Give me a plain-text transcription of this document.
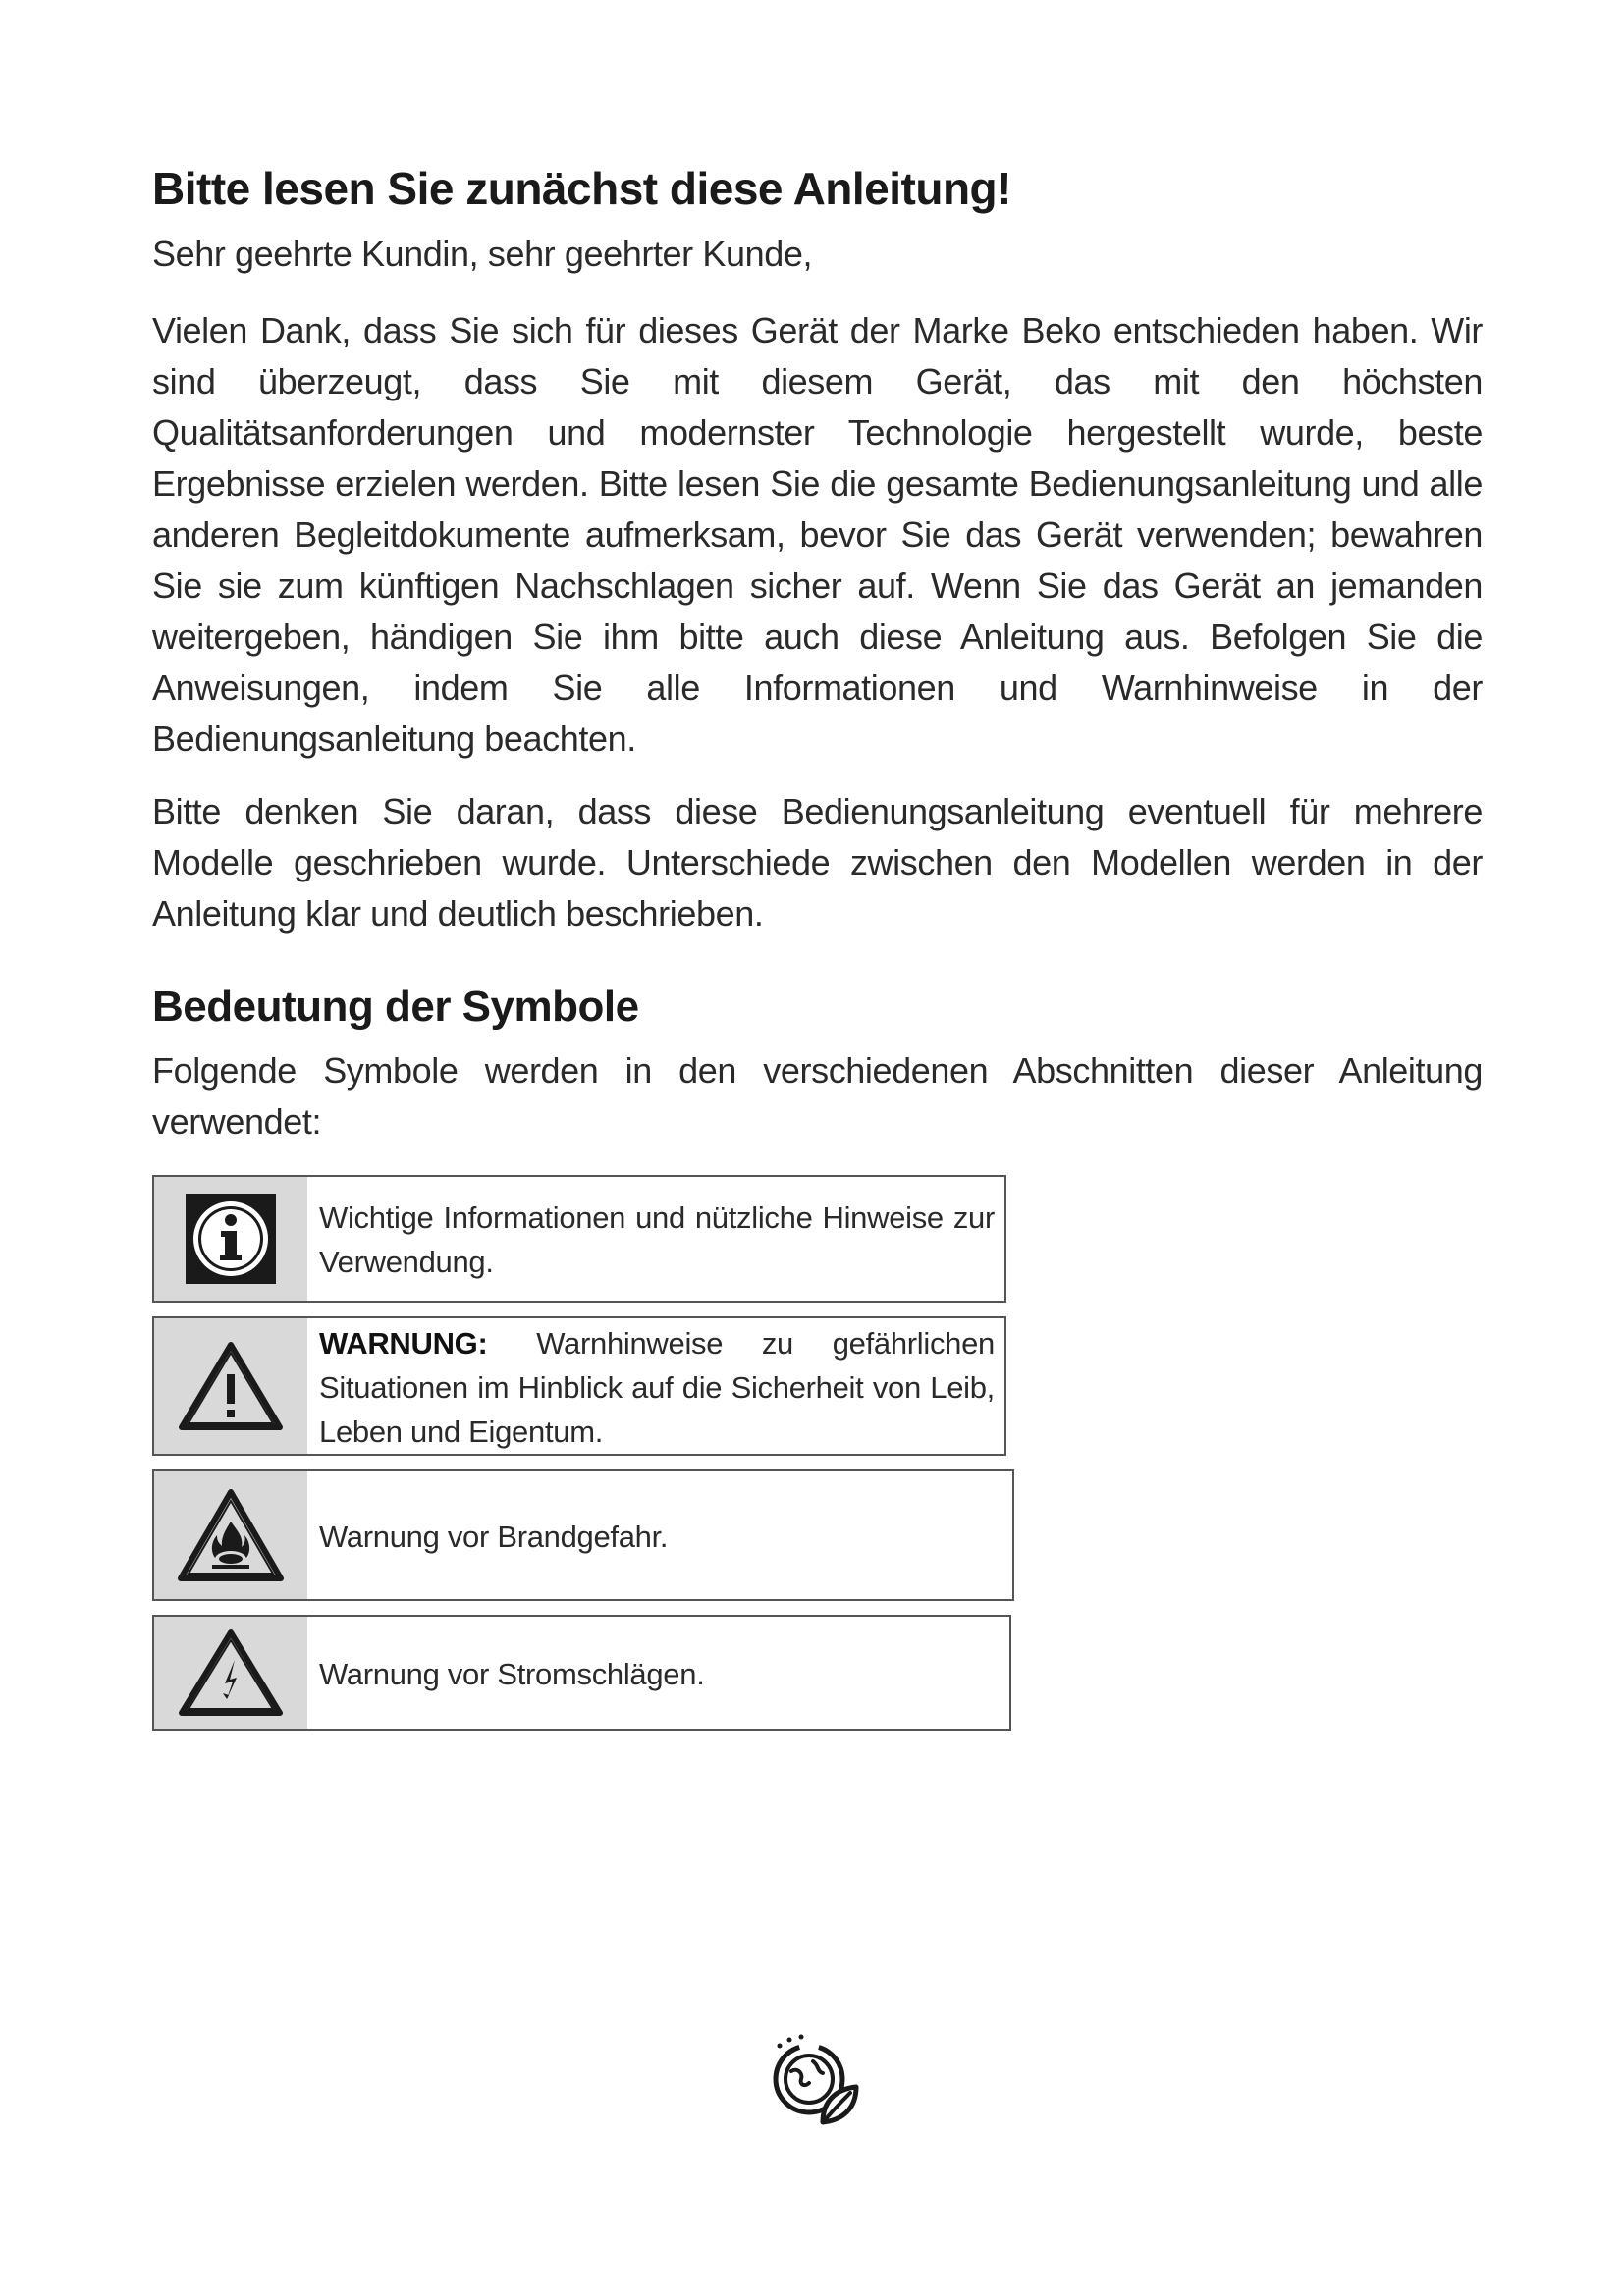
Bitte lesen Sie zunächst diese Anleitung!

Sehr geehrte Kundin, sehr geehrter Kunde,

Vielen Dank, dass Sie sich für dieses Gerät der Marke Beko entschieden haben. Wir sind überzeugt, dass Sie mit diesem Gerät, das mit den höchsten Qualitätsanforderungen und modernster Technologie hergestellt wurde, beste Ergebnisse erzielen werden. Bitte lesen Sie die gesamte Bedienungsanleitung und alle anderen Begleitdokumente aufmerksam, bevor Sie das Gerät verwenden; bewahren Sie sie zum künftigen Nachschlagen sicher auf. Wenn Sie das Gerät an jemanden weitergeben, händigen Sie ihm bitte auch diese Anleitung aus. Befolgen Sie die Anweisungen, indem Sie alle Informationen und Warnhinweise in der Bedienungsanleitung beachten.

Bitte denken Sie daran, dass diese Bedienungsanleitung eventuell für mehrere Modelle geschrieben wurde. Unterschiede zwischen den Modellen werden in der Anleitung klar und deutlich beschrieben.

Bedeutung der Symbole

Folgende Symbole werden in den verschiedenen Abschnitten dieser Anleitung verwendet:

Wichtige Informationen und nützliche Hinweise zur Verwendung.
WARNUNG: Warnhinweise zu gefährlichen Situationen im Hinblick auf die Sicherheit von Leib, Leben und Eigentum.
Warnung vor Brandgefahr.
Warnung vor Stromschlägen.
